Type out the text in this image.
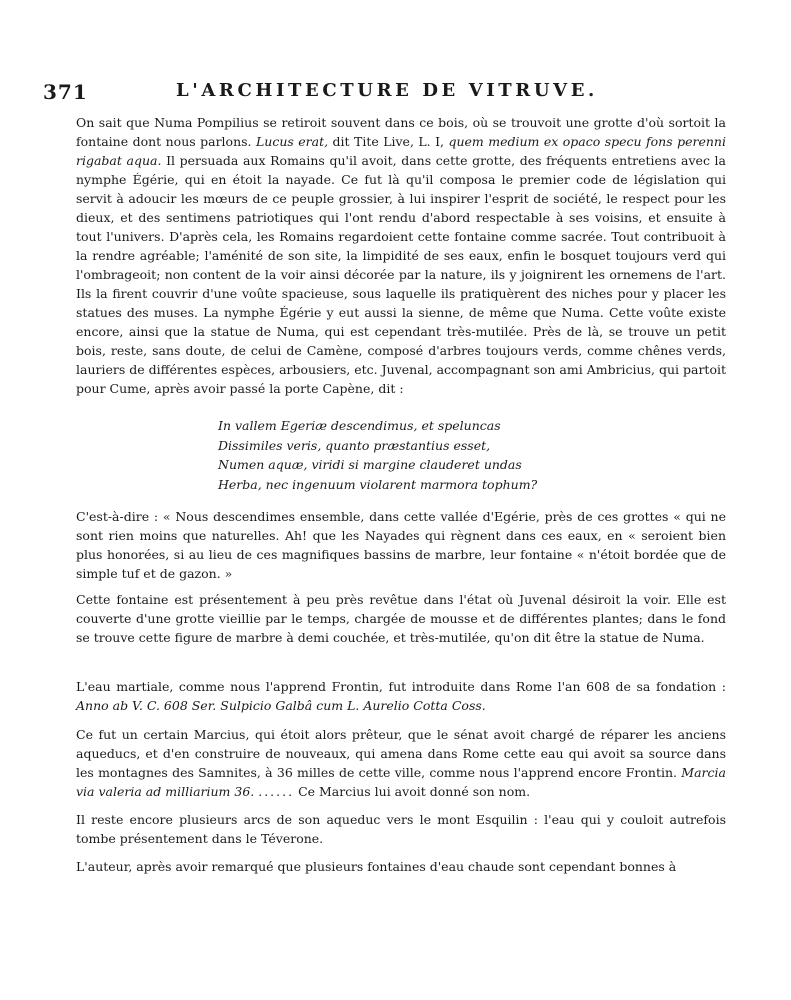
371	L'ARCHITECTURE DE VITRUVE.

On sait que Numa Pompilius se retiroit souvent dans ce bois, où se trouvoit une grotte d'où sortoit la fontaine dont nous parlons. Lucus erat, dit Tite Live, L. I, quem medium ex opaco specu fons perenni rigabat aqua. Il persuada aux Romains qu'il avoit, dans cette grotte, des fréquents entretiens avec la nymphe Égérie, qui en étoit la nayade. Ce fut là qu'il composa le premier code de législation qui servit à adoucir les mœurs de ce peuple grossier, à lui inspirer l'esprit de société, le respect pour les dieux, et des sentimens patriotiques qui l'ont rendu d'abord respectable à ses voisins, et ensuite à tout l'univers. D'après cela, les Romains regardoient cette fontaine comme sacrée. Tout contribuoit à la rendre agréable; l'aménité de son site, la limpidité de ses eaux, enfin le bosquet toujours verd qui l'ombrageoit; non content de la voir ainsi décorée par la nature, ils y joignirent les ornemens de l'art. Ils la firent couvrir d'une voûte spacieuse, sous laquelle ils pratiquèrent des niches pour y placer les statues des muses. La nymphe Égérie y eut aussi la sienne, de même que Numa. Cette voûte existe encore, ainsi que la statue de Numa, qui est cependant très-mutilée. Près de là, se trouve un petit bois, reste, sans doute, de celui de Camène, composé d'arbres toujours verds, comme chênes verds, lauriers de différentes espèces, arbousiers, etc. Juvenal, accompagnant son ami Ambricius, qui partoit pour Cume, après avoir passé la porte Capène, dit :

In vallem Egeriæ descendimus, et speluncas
Dissimiles veris, quanto præstantius esset,
Numen aquæ, viridi si margine clauderet undas
Herba, nec ingenuum violarent marmora tophum?

C'est-à-dire : « Nous descendimes ensemble, dans cette vallée d'Egérie, près de ces grottes « qui ne sont rien moins que naturelles. Ah! que les Nayades qui règnent dans ces eaux, en « seroient bien plus honorées, si au lieu de ces magnifiques bassins de marbre, leur fontaine « n'étoit bordée que de simple tuf et de gazon. »

Cette fontaine est présentement à peu près revêtue dans l'état où Juvenal désiroit la voir. Elle est couverte d'une grotte vieillie par le temps, chargée de mousse et de différentes plantes; dans le fond se trouve cette figure de marbre à demi couchée, et très-mutilée, qu'on dit être la statue de Numa.

L'eau martiale, comme nous l'apprend Frontin, fut introduite dans Rome l'an 608 de sa fondation : Anno ab V. C. 608 Ser. Sulpicio Galbâ cum L. Aurelio Cotta Coss.

Ce fut un certain Marcius, qui étoit alors prêteur, que le sénat avoit chargé de réparer les anciens aqueducs, et d'en construire de nouveaux, qui amena dans Rome cette eau qui avoit sa source dans les montagnes des Samnites, à 36 milles de cette ville, comme nous l'apprend encore Frontin. Marcia via valeria ad milliarium 36. ...... Ce Marcius lui avoit donné son nom.

Il reste encore plusieurs arcs de son aqueduc vers le mont Esquilin : l'eau qui y couloit autrefois tombe présentement dans le Téverone.

L'auteur, après avoir remarqué que plusieurs fontaines d'eau chaude sont cependant bonnes à
